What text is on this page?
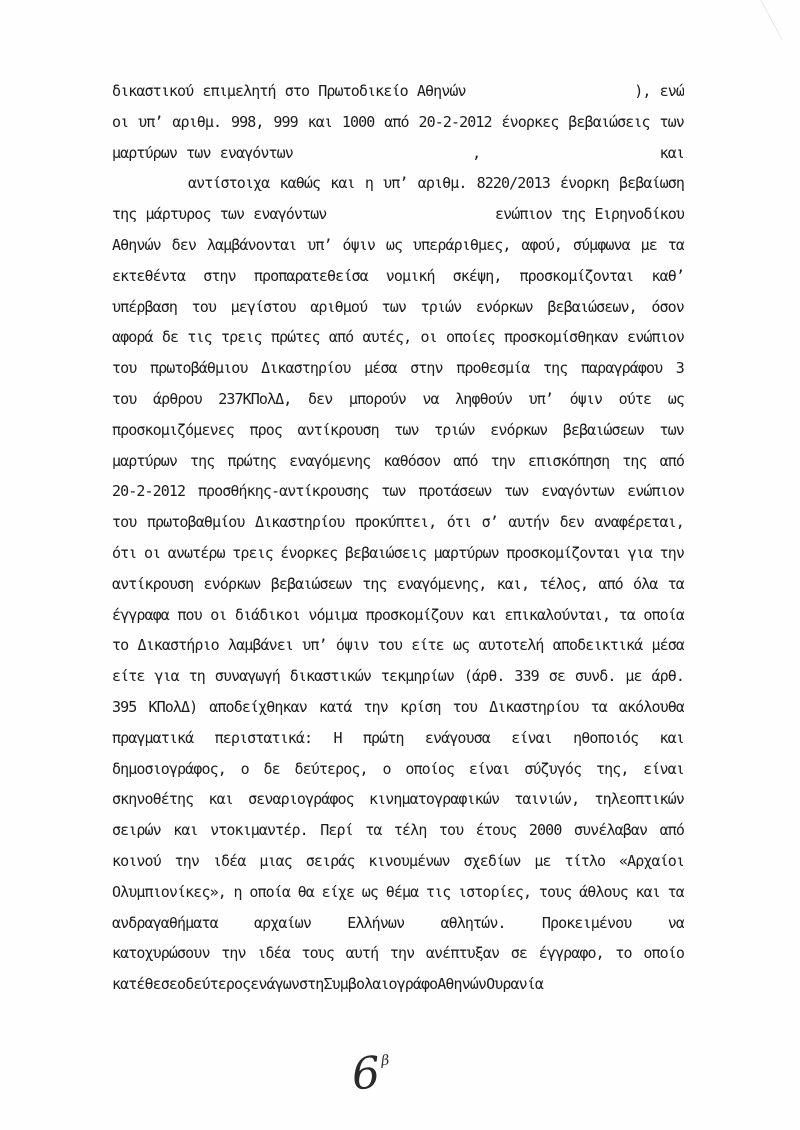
δικαστικού επιμελητή στο Πρωτοδικείο Αθηνών	), ενώ
οι υπ’ αριθμ. 998, 999 και 1000 από 20-2-2012 ένορκες βεβαιώσεις των
μαρτύρων των εναγόντων	,	και
αντίστοιχα καθώς και η υπ’ αριθμ. 8220/2013 ένορκη βεβαίωση
της μάρτυρος των εναγόντων	ενώπιον της Ειρηνοδίκου
Αθηνών δεν λαμβάνονται υπ’ όψιν ως υπεράριθμες, αφού, σύμφωνα με τα
εκτεθέντα στην προπαρατεθείσα νομική σκέψη, προσκομίζονται καθ’
υπέρβαση του μεγίστου αριθμού των τριών ενόρκων βεβαιώσεων, όσον
αφορά δε τις τρεις πρώτες από αυτές, οι οποίες προσκομίσθηκαν ενώπιον
του πρωτοβάθμιου Δικαστηρίου μέσα στην προθεσμία της παραγράφου 3
του άρθρου 237ΚΠολΔ, δεν μπορούν να ληφθούν υπ’ όψιν ούτε ως
προσκομιζόμενες προς αντίκρουση των τριών ενόρκων βεβαιώσεων των
μαρτύρων της πρώτης εναγόμενης καθόσον από την επισκόπηση της από
20-2-2012 προσθήκης-αντίκρουσης των προτάσεων των εναγόντων ενώπιον
του πρωτοβαθμίου Δικαστηρίου προκύπτει, ότι σ’ αυτήν δεν αναφέρεται,
ότι οι ανωτέρω τρεις ένορκες βεβαιώσεις μαρτύρων προσκομίζονται για την
αντίκρουση ενόρκων βεβαιώσεων της εναγόμενης, και, τέλος, από όλα τα
έγγραφα που οι διάδικοι νόμιμα προσκομίζουν και επικαλούνται, τα οποία
το Δικαστήριο λαμβάνει υπ’ όψιν του είτε ως αυτοτελή αποδεικτικά μέσα
είτε για τη συναγωγή δικαστικών τεκμηρίων (άρθ. 339 σε συνδ. με άρθ.
395 ΚΠολΔ) αποδείχθηκαν κατά την κρίση του Δικαστηρίου τα ακόλουθα
πραγματικά περιστατικά: Η πρώτη ενάγουσα είναι ηθοποιός και
δημοσιογράφος, ο δε δεύτερος, ο οποίος είναι σύζυγός της, είναι
σκηνοθέτης και σεναριογράφος κινηματογραφικών ταινιών, τηλεοπτικών
σειρών και ντοκιμαντέρ. Περί τα τέλη του έτους 2000 συνέλαβαν από
κοινού την ιδέα μιας σειράς κινουμένων σχεδίων με τίτλο «Αρχαίοι
Ολυμπιονίκες», η οποία θα είχε ως θέμα τις ιστορίες, τους άθλους και τα
ανδραγαθήματα αρχαίων Ελλήνων αθλητών. Προκειμένου να
κατοχυρώσουν την ιδέα τους αυτή την ανέπτυξαν σε έγγραφο, το οποίο
κατέθεσεοδεύτεροςενάγωνστηΣυμβολαιογράφοΑθηνώνΟυρανία
$6^\beta$
